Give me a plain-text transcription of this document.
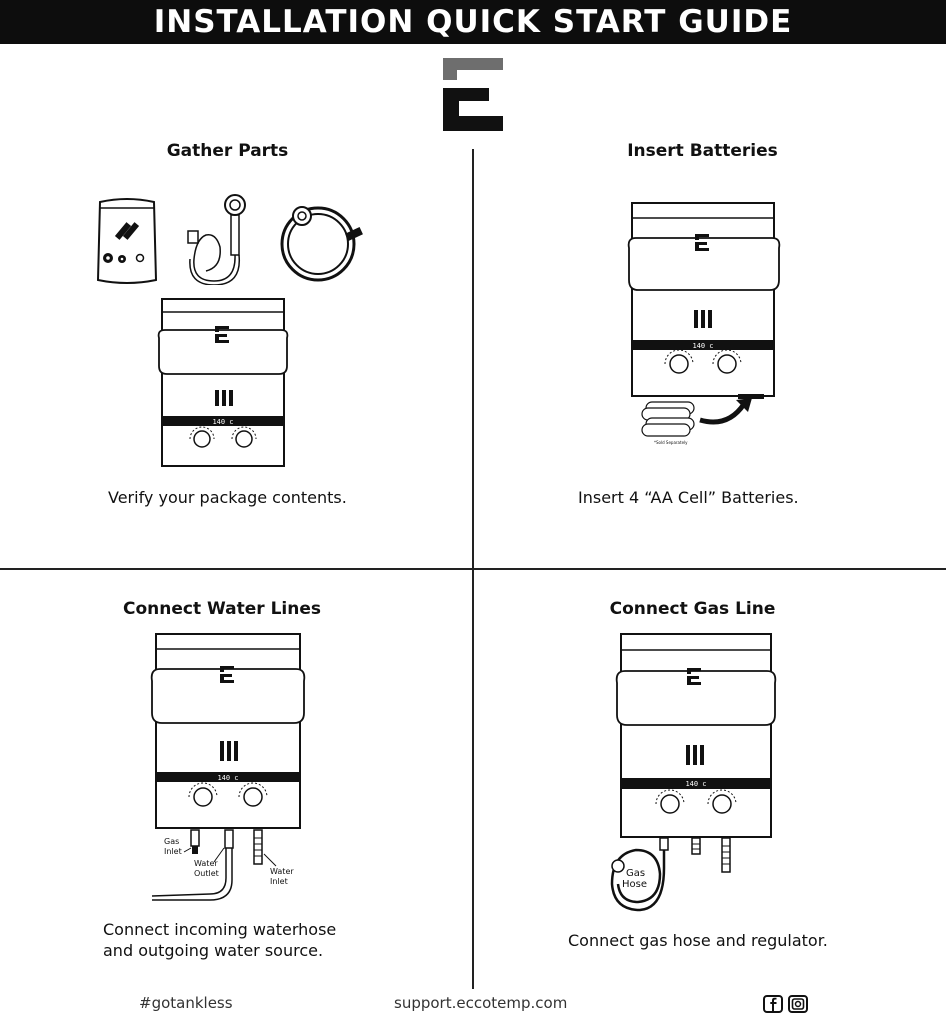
INSTALLATION QUICK START GUIDE
Gather Parts
140 c
Verify your package contents.
Insert Batteries
140 c
*Sold Separately
Insert 4 “AA Cell” Batteries.
Connect Water Lines
140 c
Gas
Inlet
Water
Outlet	Water
Inlet
Connect incoming waterhose
and outgoing water source.
Connect Gas Line
140 c
Gas
Hose
Connect gas hose and regulator.
#gotankless	support.eccotemp.com
